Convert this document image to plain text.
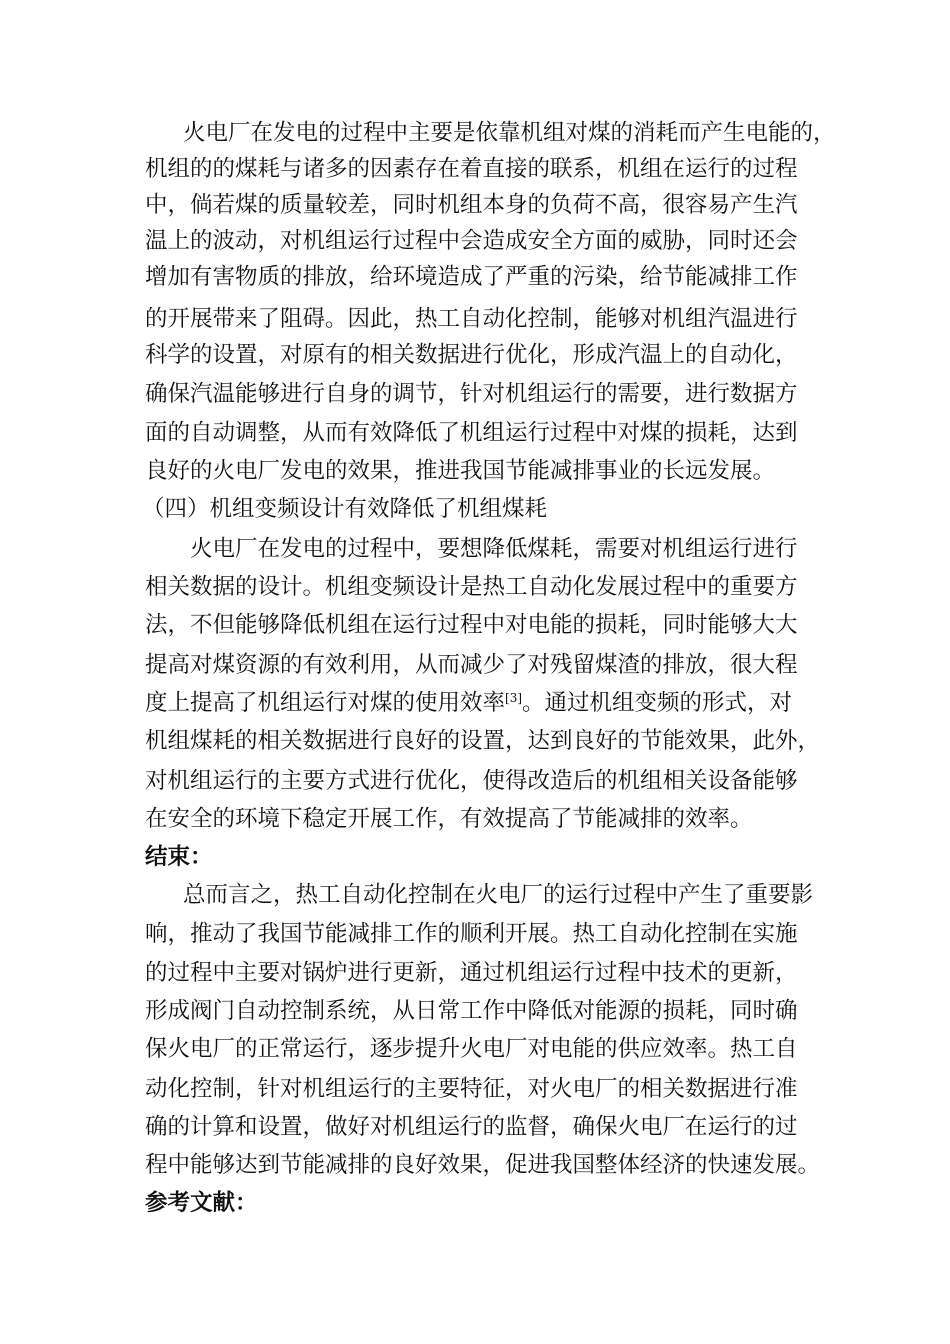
火电厂在发电的过程中主要是依靠机组对煤的消耗而产生电能的，
机组的的煤耗与诸多的因素存在着直接的联系，机组在运行的过程
中，倘若煤的质量较差，同时机组本身的负荷不高，很容易产生汽
温上的波动，对机组运行过程中会造成安全方面的威胁，同时还会
增加有害物质的排放，给环境造成了严重的污染，给节能减排工作
的开展带来了阻碍。因此，热工自动化控制，能够对机组汽温进行
科学的设置，对原有的相关数据进行优化，形成汽温上的自动化，
确保汽温能够进行自身的调节，针对机组运行的需要，进行数据方
面的自动调整，从而有效降低了机组运行过程中对煤的损耗，达到
良好的火电厂发电的效果，推进我国节能减排事业的长远发展。
（四）机组变频设计有效降低了机组煤耗
火电厂在发电的过程中，要想降低煤耗，需要对机组运行进行
相关数据的设计。机组变频设计是热工自动化发展过程中的重要方
法，不但能够降低机组在运行过程中对电能的损耗，同时能够大大
提高对煤资源的有效利用，从而减少了对残留煤渣的排放，很大程
度上提高了机组运行对煤的使用效率[3]。通过机组变频的形式，对
机组煤耗的相关数据进行良好的设置，达到良好的节能效果，此外，
对机组运行的主要方式进行优化，使得改造后的机组相关设备能够
在安全的环境下稳定开展工作，有效提高了节能减排的效率。
结束：
总而言之，热工自动化控制在火电厂的运行过程中产生了重要影
响，推动了我国节能减排工作的顺利开展。热工自动化控制在实施
的过程中主要对锅炉进行更新，通过机组运行过程中技术的更新，
形成阀门自动控制系统，从日常工作中降低对能源的损耗，同时确
保火电厂的正常运行，逐步提升火电厂对电能的供应效率。热工自
动化控制，针对机组运行的主要特征，对火电厂的相关数据进行准
确的计算和设置，做好对机组运行的监督，确保火电厂在运行的过
程中能够达到节能减排的良好效果，促进我国整体经济的快速发展。
参考文献：
